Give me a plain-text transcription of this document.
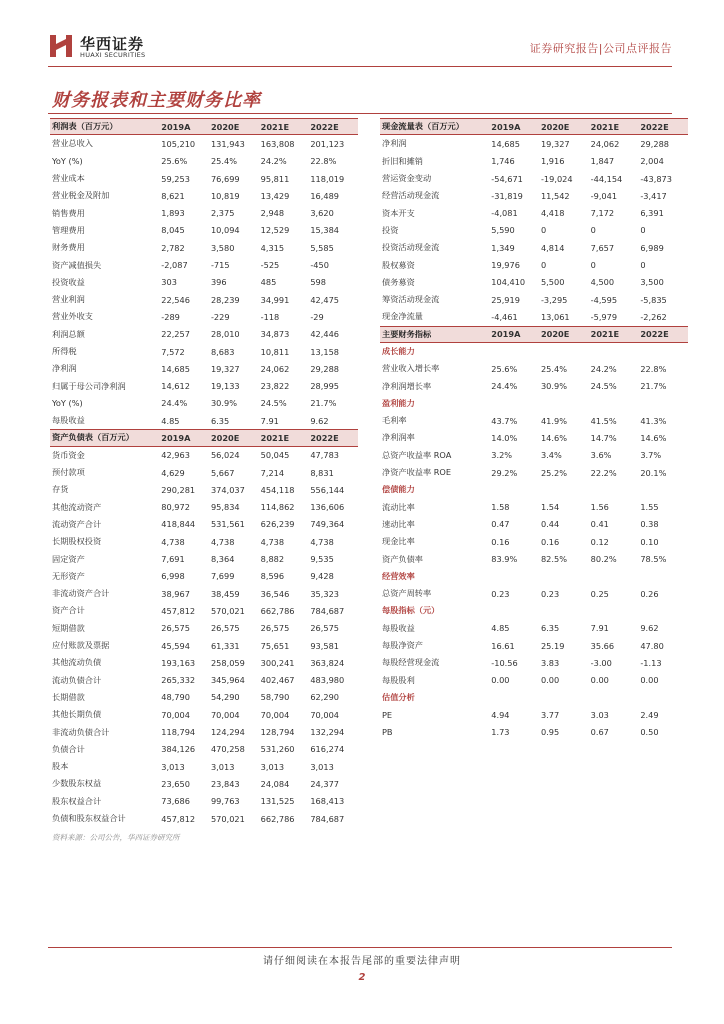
华西证券
HUAXI SECURITIES	证券研究报告|公司点评报告
财务报表和主要财务比率
利润表（百万元）	2019A	2020E	2021E	2022E
营业总收入	105,210	131,943	163,808	201,123
YoY (%)	25.6%	25.4%	24.2%	22.8%
营业成本	59,253	76,699	95,811	118,019
营业税金及附加	8,621	10,819	13,429	16,489
销售费用	1,893	2,375	2,948	3,620
管理费用	8,045	10,094	12,529	15,384
财务费用	2,782	3,580	4,315	5,585
资产减值损失	-2,087	-715	-525	-450
投资收益	303	396	485	598
营业利润	22,546	28,239	34,991	42,475
营业外收支	-289	-229	-118	-29
利润总额	22,257	28,010	34,873	42,446
所得税	7,572	8,683	10,811	13,158
净利润	14,685	19,327	24,062	29,288
归属于母公司净利润	14,612	19,133	23,822	28,995
YoY (%)	24.4%	30.9%	24.5%	21.7%
每股收益	4.85	6.35	7.91	9.62
资产负债表（百万元）	2019A	2020E	2021E	2022E
货币资金	42,963	56,024	50,045	47,783
预付款项	4,629	5,667	7,214	8,831
存货	290,281	374,037	454,118	556,144
其他流动资产	80,972	95,834	114,862	136,606
流动资产合计	418,844	531,561	626,239	749,364
长期股权投资	4,738	4,738	4,738	4,738
固定资产	7,691	8,364	8,882	9,535
无形资产	6,998	7,699	8,596	9,428
非流动资产合计	38,967	38,459	36,546	35,323
资产合计	457,812	570,021	662,786	784,687
短期借款	26,575	26,575	26,575	26,575
应付账款及票据	45,594	61,331	75,651	93,581
其他流动负债	193,163	258,059	300,241	363,824
流动负债合计	265,332	345,964	402,467	483,980
长期借款	48,790	54,290	58,790	62,290
其他长期负债	70,004	70,004	70,004	70,004
非流动负债合计	118,794	124,294	128,794	132,294
负债合计	384,126	470,258	531,260	616,274
股本	3,013	3,013	3,013	3,013
少数股东权益	23,650	23,843	24,084	24,377
股东权益合计	73,686	99,763	131,525	168,413
负债和股东权益合计	457,812	570,021	662,786	784,687
现金流量表（百万元）	2019A	2020E	2021E	2022E
净利润	14,685	19,327	24,062	29,288
折旧和摊销	1,746	1,916	1,847	2,004
营运资金变动	-54,671	-19,024	-44,154	-43,873
经营活动现金流	-31,819	11,542	-9,041	-3,417
资本开支	-4,081	4,418	7,172	6,391
投资	5,590	0	0	0
投资活动现金流	1,349	4,814	7,657	6,989
股权募资	19,976	0	0	0
债务募资	104,410	5,500	4,500	3,500
筹资活动现金流	25,919	-3,295	-4,595	-5,835
现金净流量	-4,461	13,061	-5,979	-2,262
主要财务指标	2019A	2020E	2021E	2022E
成长能力
营业收入增长率	25.6%	25.4%	24.2%	22.8%
净利润增长率	24.4%	30.9%	24.5%	21.7%
盈利能力
毛利率	43.7%	41.9%	41.5%	41.3%
净利润率	14.0%	14.6%	14.7%	14.6%
总资产收益率 ROA	3.2%	3.4%	3.6%	3.7%
净资产收益率 ROE	29.2%	25.2%	22.2%	20.1%
偿债能力
流动比率	1.58	1.54	1.56	1.55
速动比率	0.47	0.44	0.41	0.38
现金比率	0.16	0.16	0.12	0.10
资产负债率	83.9%	82.5%	80.2%	78.5%
经营效率
总资产周转率	0.23	0.23	0.25	0.26
每股指标（元）
每股收益	4.85	6.35	7.91	9.62
每股净资产	16.61	25.19	35.66	47.80
每股经营现金流	-10.56	3.83	-3.00	-1.13
每股股利	0.00	0.00	0.00	0.00
估值分析
PE	4.94	3.77	3.03	2.49
PB	1.73	0.95	0.67	0.50
资料来源：公司公告，华西证券研究所
请仔细阅读在本报告尾部的重要法律声明
2
